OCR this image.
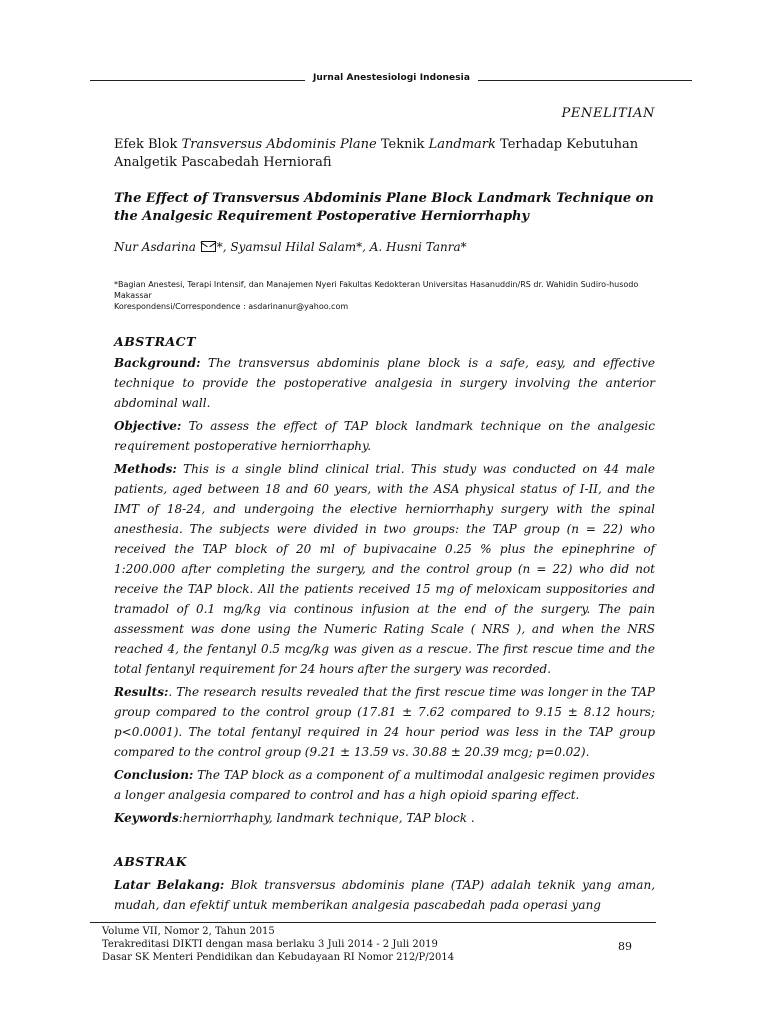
Jurnal Anestesiologi Indonesia
PENELITIAN
Efek Blok Transversus Abdominis Plane Teknik Landmark Terhadap Kebutuhan Analgetik Pascabedah Herniorafi
The Effect of Transversus Abdominis Plane Block Landmark Technique on the Analgesic Requirement Postoperative Herniorrhaphy
Nur Asdarina *, Syamsul Hilal Salam*, A. Husni Tanra*

*Bagian Anestesi, Terapi Intensif, dan Manajemen Nyeri Fakultas Kedokteran Universitas Hasanuddin/RS dr. Wahidin Sudiro-husodo Makassar

Korespondensi/Correspondence : asdarinanur@yahoo.com

ABSTRACT

Background: The transversus abdominis plane block is a safe, easy, and effective technique to provide the postoperative analgesia in surgery involving the anterior abdominal wall.

Objective: To assess the effect of TAP block landmark technique on the analgesic requirement postoperative herniorrhaphy.

Methods: This is a single blind clinical trial. This study was conducted on 44 male patients, aged between 18 and 60 years, with the ASA physical status of I-II, and the IMT of 18-24, and undergoing the elective herniorrhaphy surgery with the spinal anesthesia. The subjects were divided in two groups: the TAP group (n = 22) who received the TAP block of 20 ml of bupivacaine 0.25 % plus the epinephrine of 1:200.000 after completing the surgery, and the control group (n = 22) who did not receive the TAP block. All the patients received 15 mg of meloxicam suppositories and tramadol of 0.1 mg/kg via continous infusion at the end of the surgery. The pain assessment was done using the Numeric Rating Scale ( NRS ), and when the NRS reached 4, the fentanyl 0.5 mcg/kg was given as a rescue. The first rescue time and the total fentanyl requirement for 24 hours after the surgery was recorded.

Results:. The research results revealed that the first rescue time was longer in the TAP group compared to the control group (17.81 ± 7.62 compared to 9.15 ± 8.12 hours; p<0.0001). The total fentanyl required in 24 hour period was less in the TAP group compared to the control group (9.21 ± 13.59 vs. 30.88 ± 20.39 mcg; p=0.02).

Conclusion: The TAP block as a component of a multimodal analgesic regimen provides a longer analgesia compared to control and has a high opioid sparing effect.

Keywords:herniorrhaphy, landmark technique, TAP block .

ABSTRAK

Latar Belakang: Blok transversus abdominis plane (TAP) adalah teknik yang aman, mudah, dan efektif untuk memberikan analgesia pascabedah pada operasi yang

Volume VII, Nomor 2, Tahun 2015

Terakreditasi DIKTI dengan masa berlaku 3 Juli 2014 - 2 Juli 2019

Dasar SK Menteri Pendidikan dan Kebudayaan RI Nomor 212/P/2014

89
